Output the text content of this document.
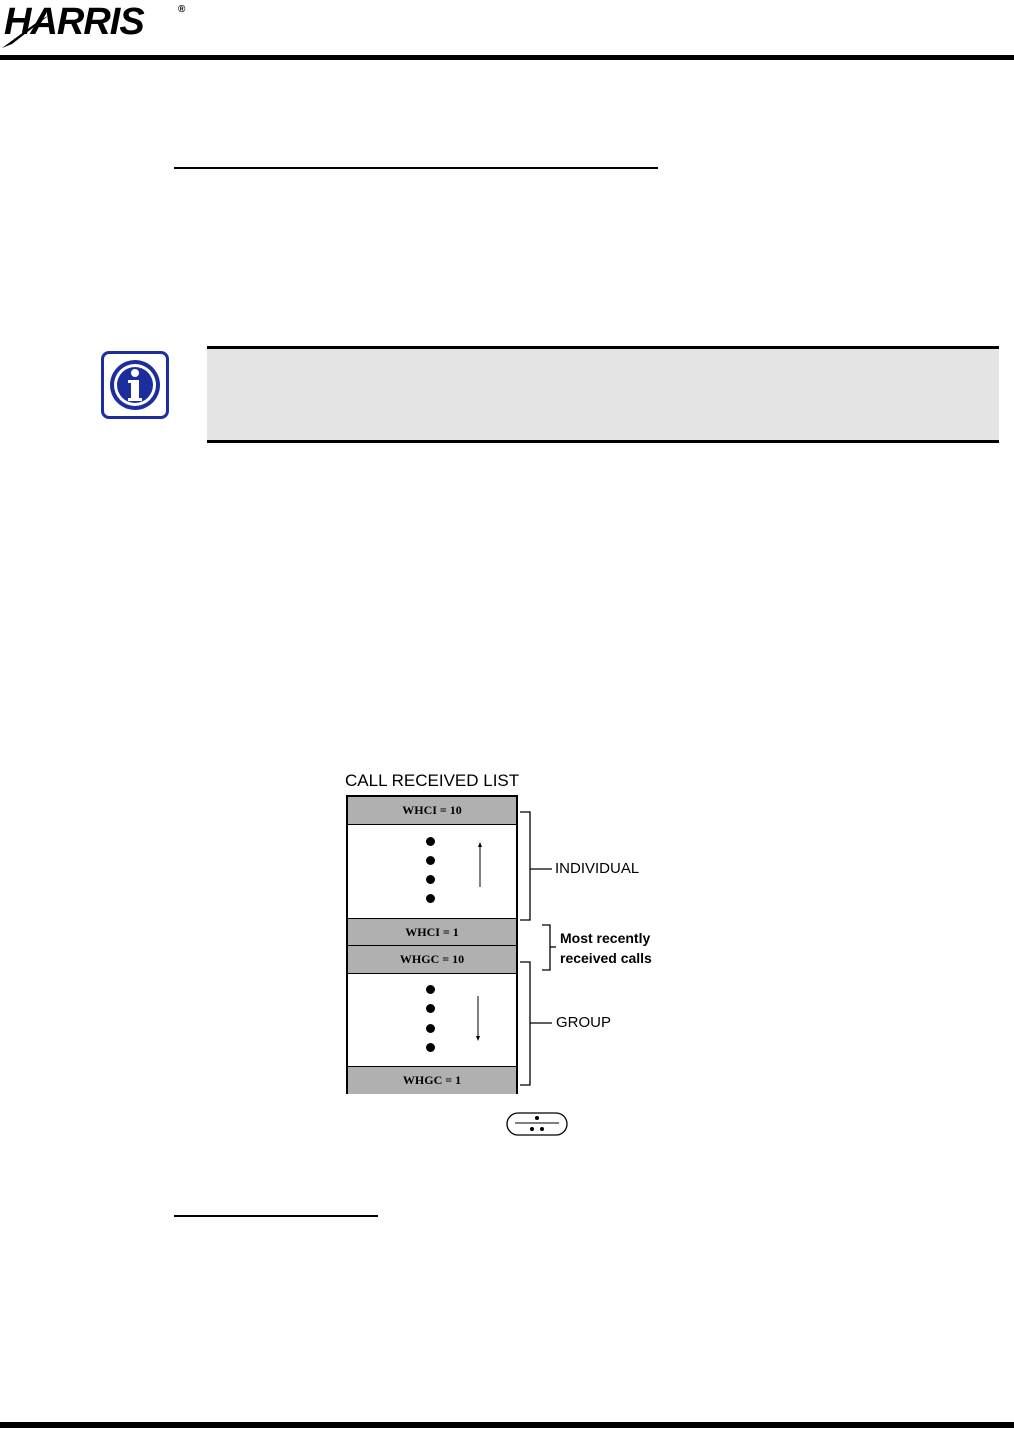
HARRIS	®
CALL RECEIVED LIST
WHCI = 10
WHCI = 1
WHGC = 10
WHGC = 1
INDIVIDUAL
Most recently
received calls
GROUP
